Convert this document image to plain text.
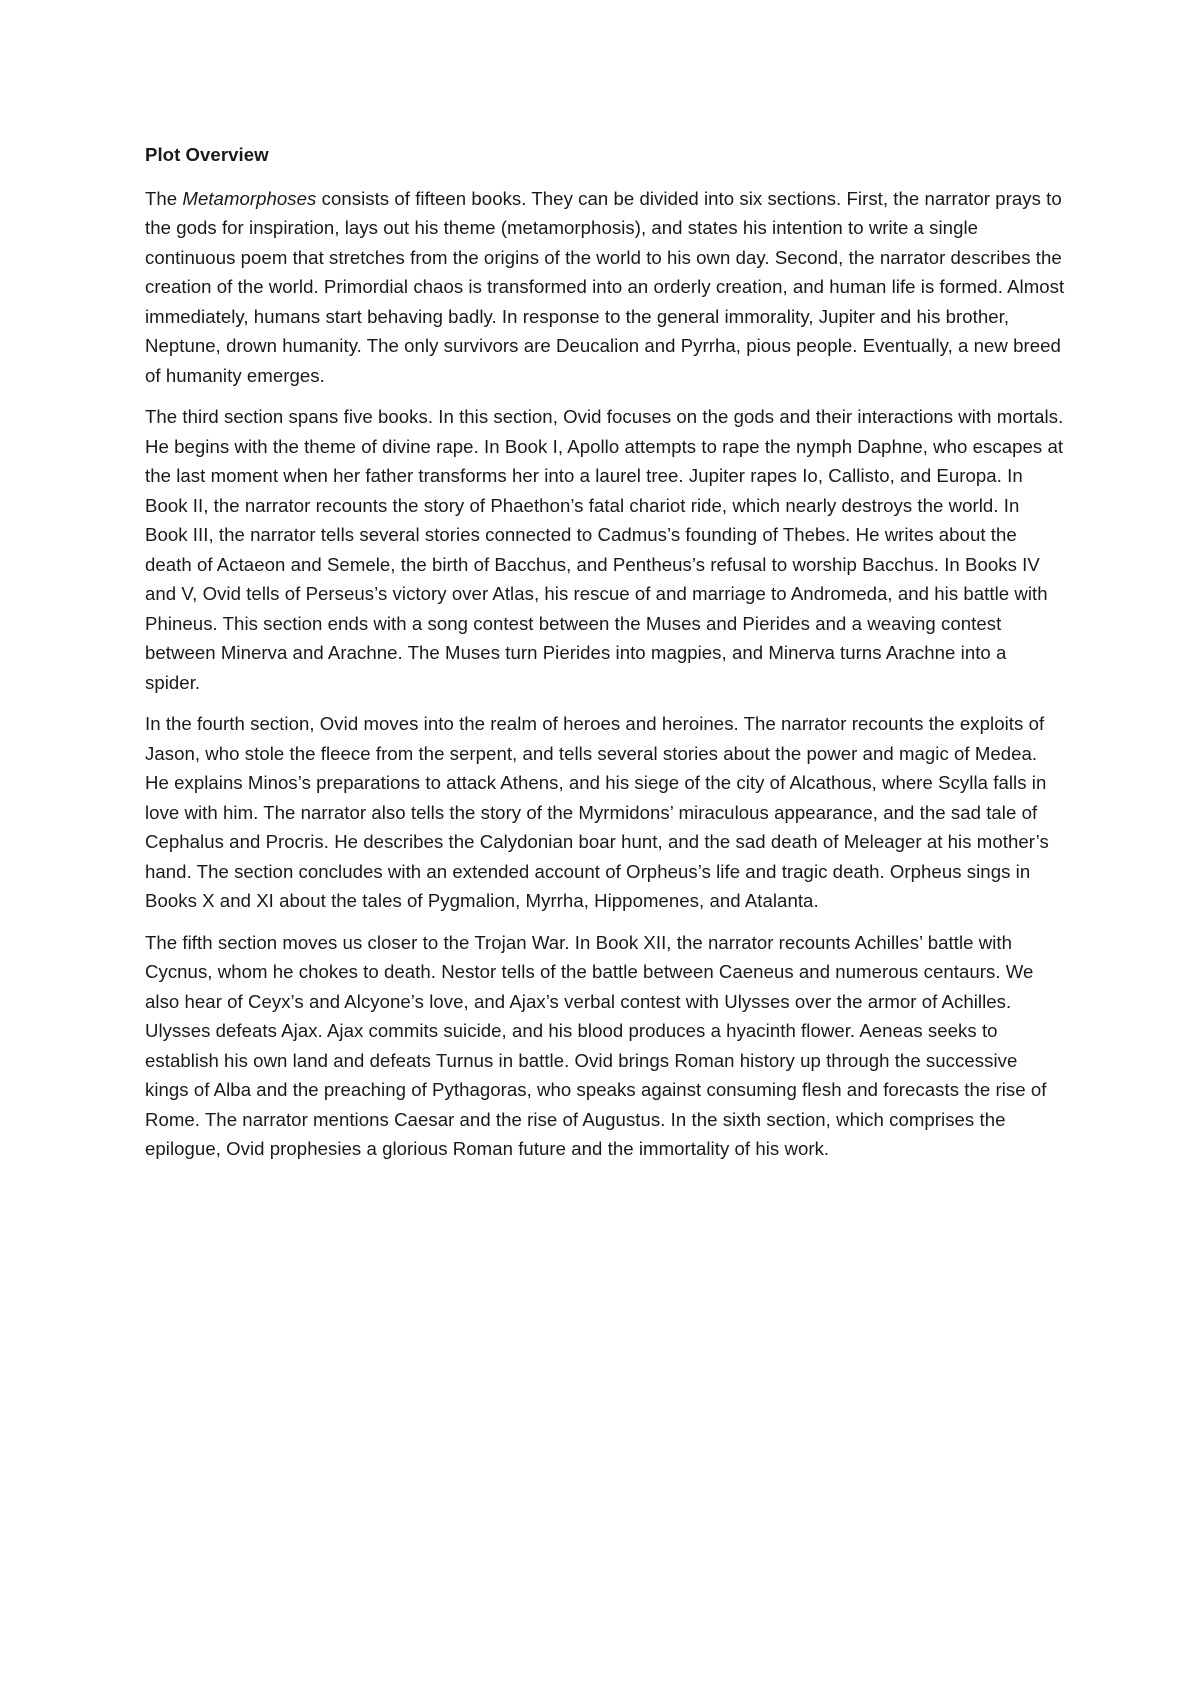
Plot Overview

The Metamorphoses consists of fifteen books. They can be divided into six sections. First, the narrator prays to the gods for inspiration, lays out his theme (metamorphosis), and states his intention to write a single continuous poem that stretches from the origins of the world to his own day. Second, the narrator describes the creation of the world. Primordial chaos is transformed into an orderly creation, and human life is formed. Almost immediately, humans start behaving badly. In response to the general immorality, Jupiter and his brother, Neptune, drown humanity. The only survivors are Deucalion and Pyrrha, pious people. Eventually, a new breed of humanity emerges.

The third section spans five books. In this section, Ovid focuses on the gods and their interactions with mortals. He begins with the theme of divine rape. In Book I, Apollo attempts to rape the nymph Daphne, who escapes at the last moment when her father transforms her into a laurel tree. Jupiter rapes Io, Callisto, and Europa. In Book II, the narrator recounts the story of Phaethon’s fatal chariot ride, which nearly destroys the world. In Book III, the narrator tells several stories connected to Cadmus’s founding of Thebes. He writes about the death of Actaeon and Semele, the birth of Bacchus, and Pentheus’s refusal to worship Bacchus. In Books IV and V, Ovid tells of Perseus’s victory over Atlas, his rescue of and marriage to Andromeda, and his battle with Phineus. This section ends with a song contest between the Muses and Pierides and a weaving contest between Minerva and Arachne. The Muses turn Pierides into magpies, and Minerva turns Arachne into a spider.

In the fourth section, Ovid moves into the realm of heroes and heroines. The narrator recounts the exploits of Jason, who stole the fleece from the serpent, and tells several stories about the power and magic of Medea. He explains Minos’s preparations to attack Athens, and his siege of the city of Alcathous, where Scylla falls in love with him. The narrator also tells the story of the Myrmidons’ miraculous appearance, and the sad tale of Cephalus and Procris. He describes the Calydonian boar hunt, and the sad death of Meleager at his mother’s hand. The section concludes with an extended account of Orpheus’s life and tragic death. Orpheus sings in Books X and XI about the tales of Pygmalion, Myrrha, Hippomenes, and Atalanta.

The fifth section moves us closer to the Trojan War. In Book XII, the narrator recounts Achilles’ battle with Cycnus, whom he chokes to death. Nestor tells of the battle between Caeneus and numerous centaurs. We also hear of Ceyx’s and Alcyone’s love, and Ajax’s verbal contest with Ulysses over the armor of Achilles. Ulysses defeats Ajax. Ajax commits suicide, and his blood produces a hyacinth flower. Aeneas seeks to establish his own land and defeats Turnus in battle. Ovid brings Roman history up through the successive kings of Alba and the preaching of Pythagoras, who speaks against consuming flesh and forecasts the rise of Rome. The narrator mentions Caesar and the rise of Augustus. In the sixth section, which comprises the epilogue, Ovid prophesies a glorious Roman future and the immortality of his work.
